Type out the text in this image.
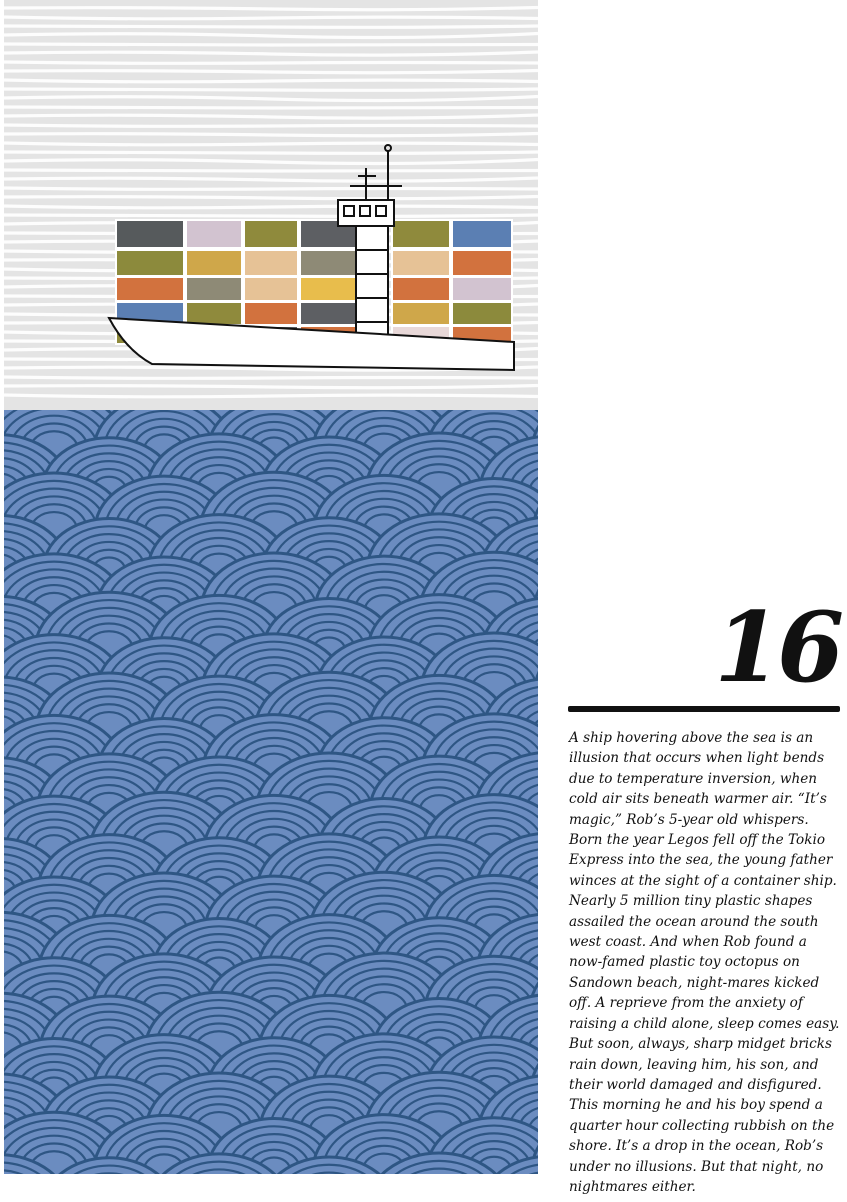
16

A ship hovering above the sea is an illusion that occurs when light bends due to temperature inversion, when cold air sits beneath warmer air. “It’s magic,” Rob’s 5-year old whispers. Born the year Legos fell off the Tokio Express into the sea, the young father winces at the sight of a container ship. Nearly 5 million tiny plastic shapes assailed the ocean around the south west coast. And when Rob found a now-famed plastic toy octopus on Sandown beach, night-mares kicked off. A reprieve from the anxiety of raising a child alone, sleep comes easy. But soon, always, sharp midget bricks rain down, leaving him, his son, and their world damaged and disfigured. This morning he and his boy spend a quarter hour collecting rubbish on the shore. It’s a drop in the ocean, Rob’s under no illusions. But that night, no nightmares either.
